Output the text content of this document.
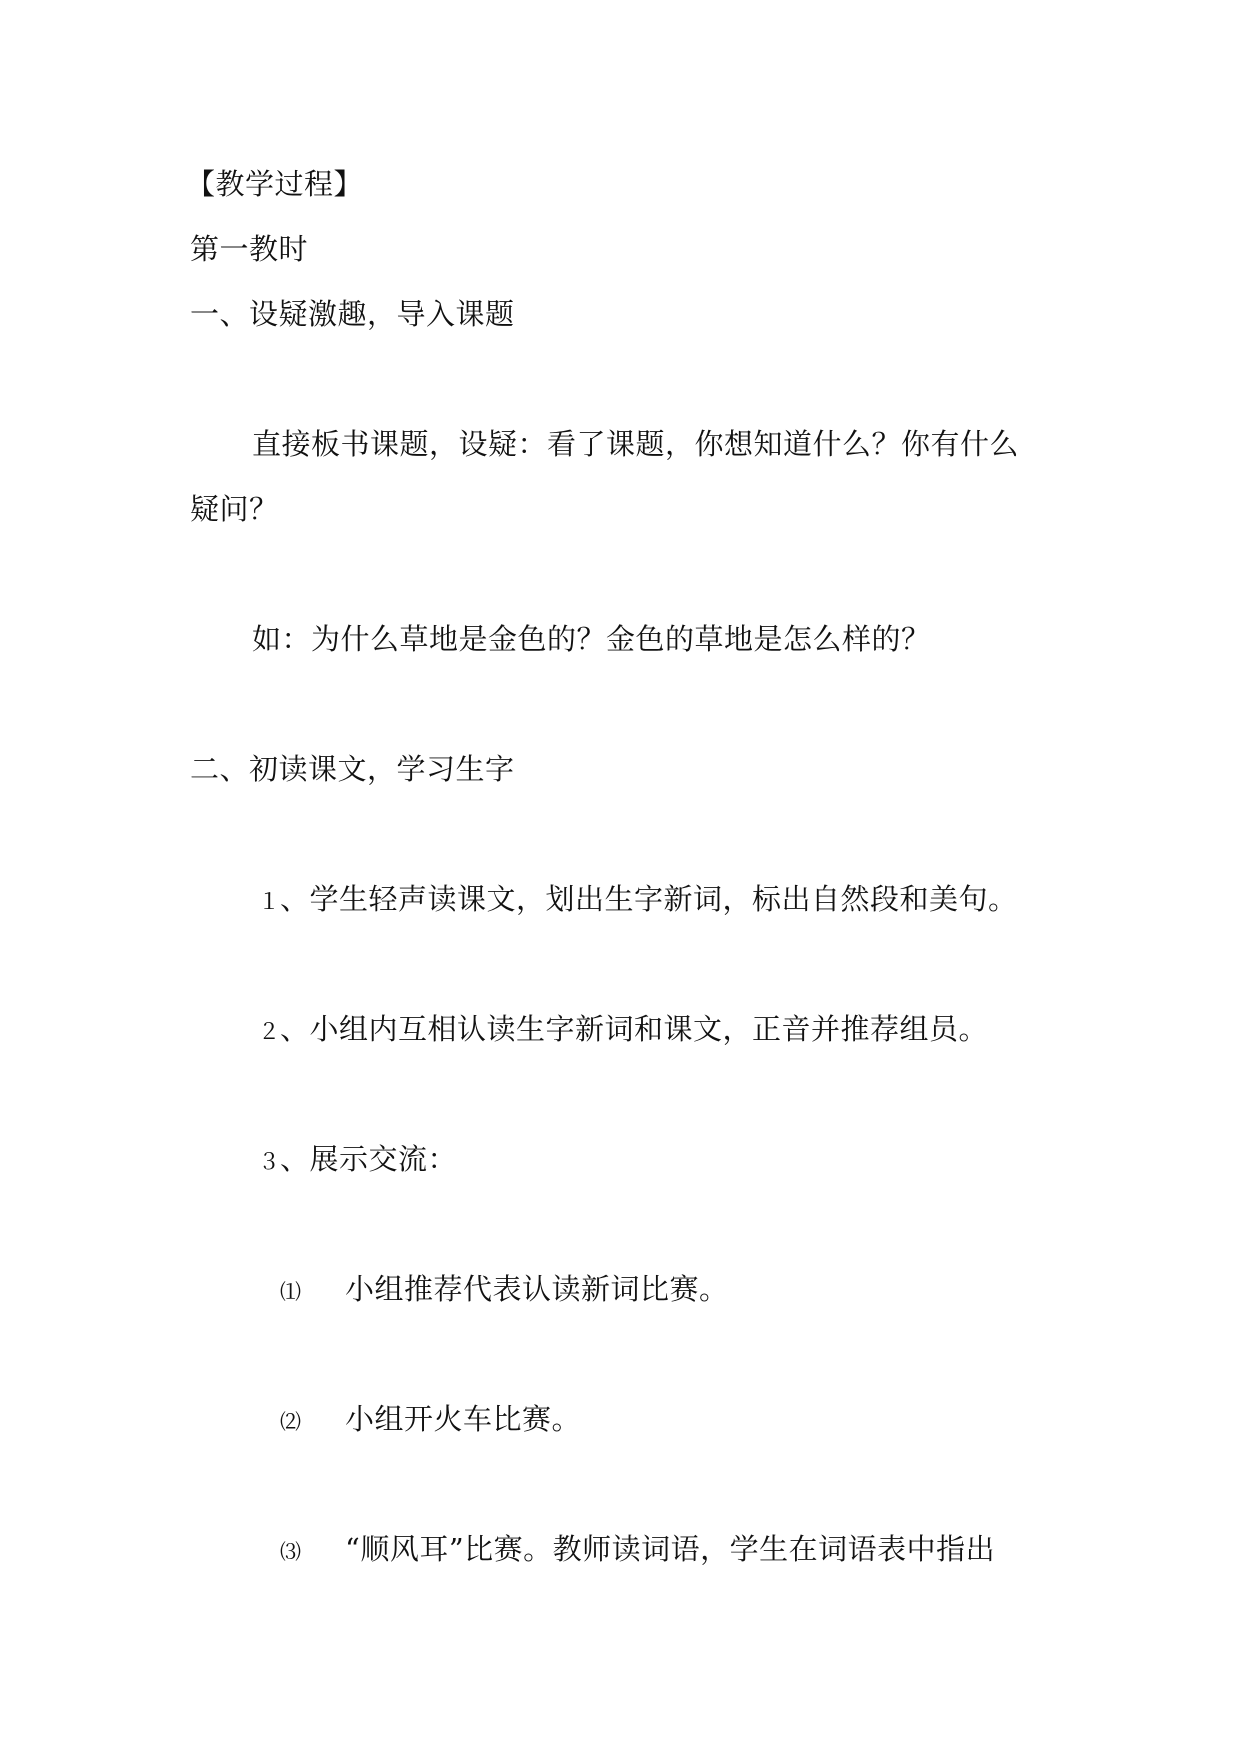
【教学过程】
第一教时
一、设疑激趣，导入课题
直接板书课题，设疑：看了课题，你想知道什么？你有什么
疑问？
如：为什么草地是金色的？金色的草地是怎么样的？
二、初读课文，学习生字
１、学生轻声读课文，划出生字新词，标出自然段和美句。
２、小组内互相认读生字新词和课文，正音并推荐组员。
３、展示交流：
⑴ 小组推荐代表认读新词比赛。
⑵ 小组开火车比赛。
⑶ “顺风耳”比赛。教师读词语，学生在词语表中指出
